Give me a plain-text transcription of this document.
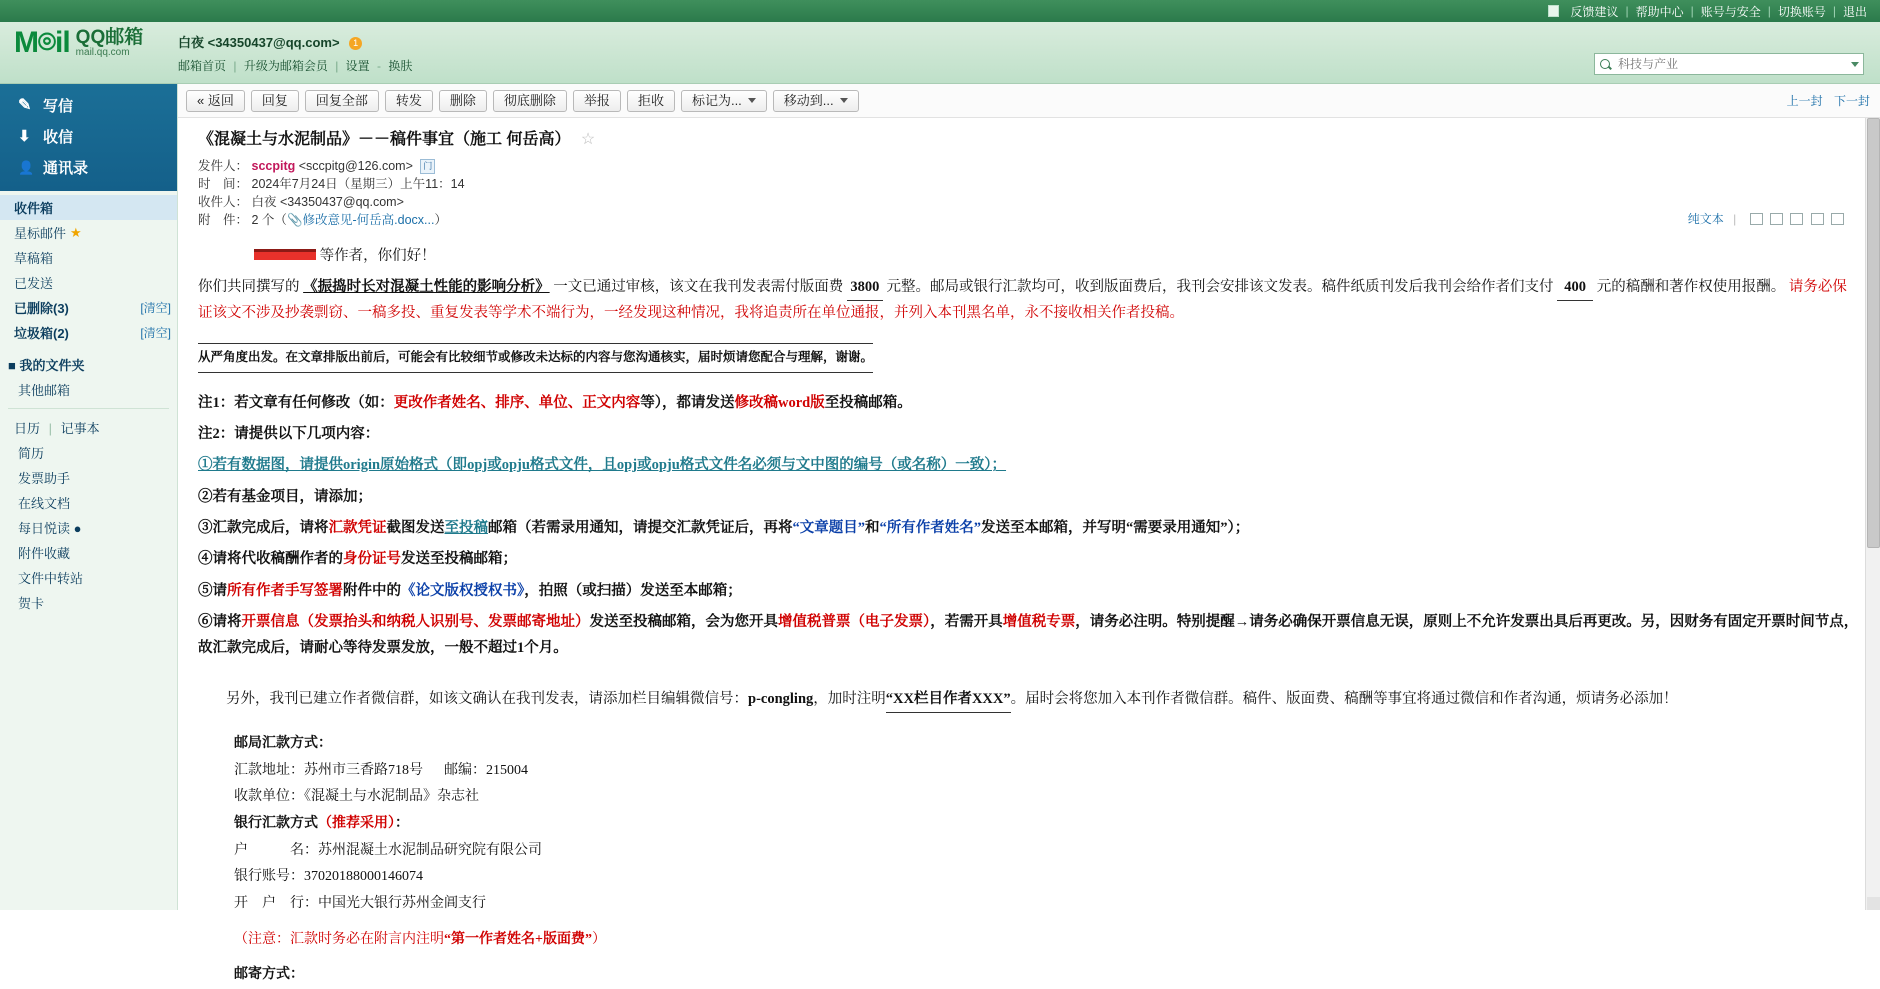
反馈建议 | 帮助中心 | 账号与安全 | 切换账号 | 退出
M⌾il QQ邮箱
mail.qq.com
白夜 <34350437@qq.com> 1
邮箱首页 | 升级为邮箱会员 | 设置 - 换肤
科技与产业
✎
写信
⬇
收信
👤
通讯录
收件箱
星标邮件 ★
草稿箱
已发送
已删除(3)	[清空]
垃圾箱(2)	[清空]
■ 我的文件夹
其他邮箱
日历 | 记事本
简历
发票助手
在线文档
每日悦读 ●
附件收藏
文件中转站
贺卡
« 返回	回复	回复全部	转发	删除	彻底删除	举报	拒收	标记为...	移动到...	上一封 下一封
《混凝土与水泥制品》－－稿件事宜（施工 何岳高） ☆
发件人： sccpitg <sccpitg@126.com> 门
时　间： 2024年7月24日（星期三）上午11：14
收件人： 白夜 <34350437@qq.com>
附　件： 2 个（📎修改意见-何岳高.docx...）	纯文本 |
等作者，你们好！
你们共同撰写的 《振捣时长对混凝土性能的影响分析》 一文已通过审核，该文在我刊发表需付版面费 3800 元整。邮局或银行汇款均可，收到版面费后，我刊会安排该文发表。稿件纸质刊发后我刊会给作者们支付 400 元的稿酬和著作权使用报酬。 请务必保证该文不涉及抄袭剽窃、一稿多投、重复发表等学术不端行为，一经发现这种情况，我将追责所在单位通报，并列入本刊黑名单，永不接收相关作者投稿。
从严角度出发。在文章排版出前后，可能会有比较细节或修改未达标的内容与您沟通核实，届时烦请您配合与理解，谢谢。
注1：若文章有任何修改（如：更改作者姓名、排序、单位、正文内容等），都请发送修改稿word版至投稿邮箱。
注2：请提供以下几项内容：
①若有数据图，请提供origin原始格式（即opj或opju格式文件，且opj或opju格式文件名必须与文中图的编号（或名称）一致）；
②若有基金项目，请添加；
③汇款完成后，请将汇款凭证截图发送至投稿邮箱（若需录用通知，请提交汇款凭证后，再将“文章题目”和“所有作者姓名”发送至本邮箱，并写明“需要录用通知”）；
④请将代收稿酬作者的身份证号发送至投稿邮箱；
⑤请所有作者手写签署附件中的《论文版权授权书》，拍照（或扫描）发送至本邮箱；
⑥请将开票信息（发票抬头和纳税人识别号、发票邮寄地址）发送至投稿邮箱，会为您开具增值税普票（电子发票），若需开具增值税专票，请务必注明。特别提醒→请务必确保开票信息无误，原则上不允许发票出具后再更改。另，因财务有固定开票时间节点，故汇款完成后，请耐心等待发票发放，一般不超过1个月。
另外，我刊已建立作者微信群，如该文确认在我刊发表，请添加栏目编辑微信号：p-congling，加时注明“XX栏目作者XXX”。届时会将您加入本刊作者微信群。稿件、版面费、稿酬等事宜将通过微信和作者沟通，烦请务必添加！
邮局汇款方式：
汇款地址：苏州市三香路718号 邮编：215004
收款单位：《混凝土与水泥制品》杂志社
银行汇款方式（推荐采用）：
户　　　名：苏州混凝土水泥制品研究院有限公司
银行账号：37020188000146074
开　户　行：中国光大银行苏州金阊支行
（注意：汇款时务必在附言内注明“第一作者姓名+版面费”）
邮寄方式：
